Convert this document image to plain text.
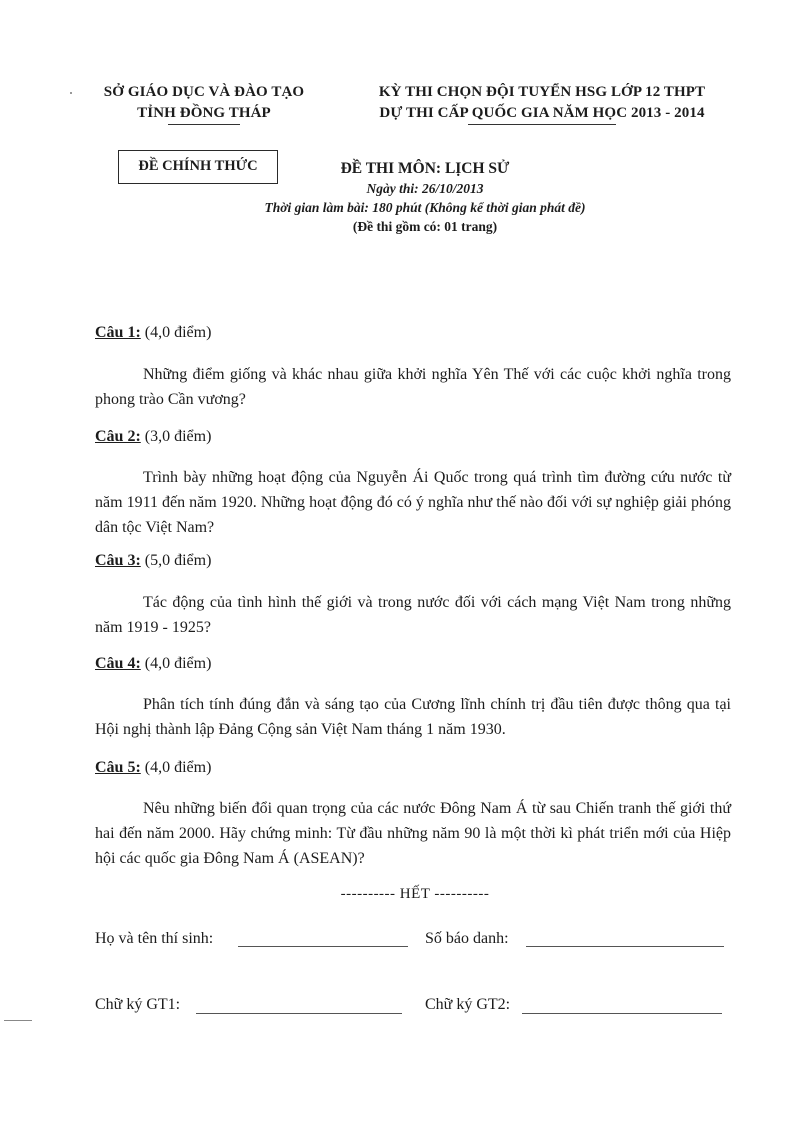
SỞ GIÁO DỤC VÀ ĐÀO TẠO
TỈNH ĐỒNG THÁP
KỲ THI CHỌN ĐỘI TUYỂN HSG LỚP 12 THPT
DỰ THI CẤP QUỐC GIA NĂM HỌC 2013 - 2014
ĐỀ CHÍNH THỨC	ĐỀ THI MÔN: LỊCH SỬ
Ngày thi: 26/10/2013
Thời gian làm bài: 180 phút (Không kể thời gian phát đề)
(Đề thi gồm có: 01 trang)
Câu 1: (4,0 điểm)
Những điểm giống và khác nhau giữa khởi nghĩa Yên Thế với các cuộc khởi nghĩa trong phong trào Cần vương?
Câu 2: (3,0 điểm)
Trình bày những hoạt động của Nguyễn Ái Quốc trong quá trình tìm đường cứu nước từ năm 1911 đến năm 1920. Những hoạt động đó có ý nghĩa như thế nào đối với sự nghiệp giải phóng dân tộc Việt Nam?
Câu 3: (5,0 điểm)
Tác động của tình hình thế giới và trong nước đối với cách mạng Việt Nam trong những năm 1919 - 1925?
Câu 4: (4,0 điểm)
Phân tích tính đúng đắn và sáng tạo của Cương lĩnh chính trị đầu tiên được thông qua tại Hội nghị thành lập Đảng Cộng sản Việt Nam tháng 1 năm 1930.
Câu 5: (4,0 điểm)
Nêu những biến đổi quan trọng của các nước Đông Nam Á từ sau Chiến tranh thế giới thứ hai đến năm 2000. Hãy chứng minh: Từ đầu những năm 90 là một thời kì phát triển mới của Hiệp hội các quốc gia Đông Nam Á (ASEAN)?
---------- HẾT ----------
Họ và tên thí sinh:	Số báo danh:
Chữ ký GT1:	Chữ ký GT2:
